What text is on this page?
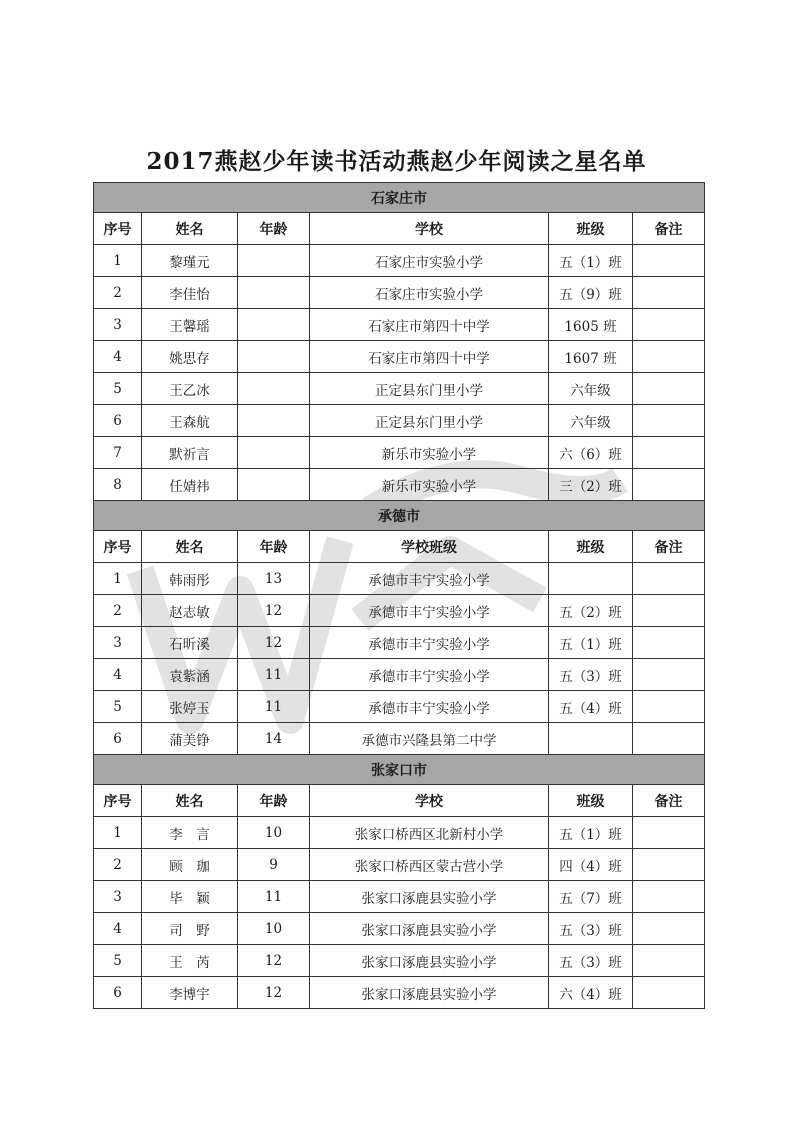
2017燕赵少年读书活动燕赵少年阅读之星名单
石家庄市					
序号	姓名	年龄	学校	班级	备注
1	黎瑾元		石家庄市实验小学	五（1）班	
2	李佳怡		石家庄市实验小学	五（9）班	
3	王馨瑶		石家庄市第四十中学	1605 班	
4	姚思存		石家庄市第四十中学	1607 班	
5	王乙冰		正定县东门里小学	六年级	
6	王森航		正定县东门里小学	六年级	
7	默祈言		新乐市实验小学	六（6）班	
8	任婧祎		新乐市实验小学	三（2）班	
承德市					
序号	姓名	年龄	学校班级	班级	备注
1	韩雨彤	13	承德市丰宁实验小学		
2	赵志敏	12	承德市丰宁实验小学	五（2）班	
3	石昕溪	12	承德市丰宁实验小学	五（1）班	
4	袁紫涵	11	承德市丰宁实验小学	五（3）班	
5	张婷玉	11	承德市丰宁实验小学	五（4）班	
6	蒲美铮	14	承德市兴隆县第二中学		
张家口市					
序号	姓名	年龄	学校	班级	备注
1	李　言	10	张家口桥西区北新村小学	五（1）班	
2	顾　珈	9	张家口桥西区蒙古营小学	四（4）班	
3	毕　颖	11	张家口涿鹿县实验小学	五（7）班	
4	司　野	10	张家口涿鹿县实验小学	五（3）班	
5	王　芮	12	张家口涿鹿县实验小学	五（3）班	
6	李博宇	12	张家口涿鹿县实验小学	六（4）班	
